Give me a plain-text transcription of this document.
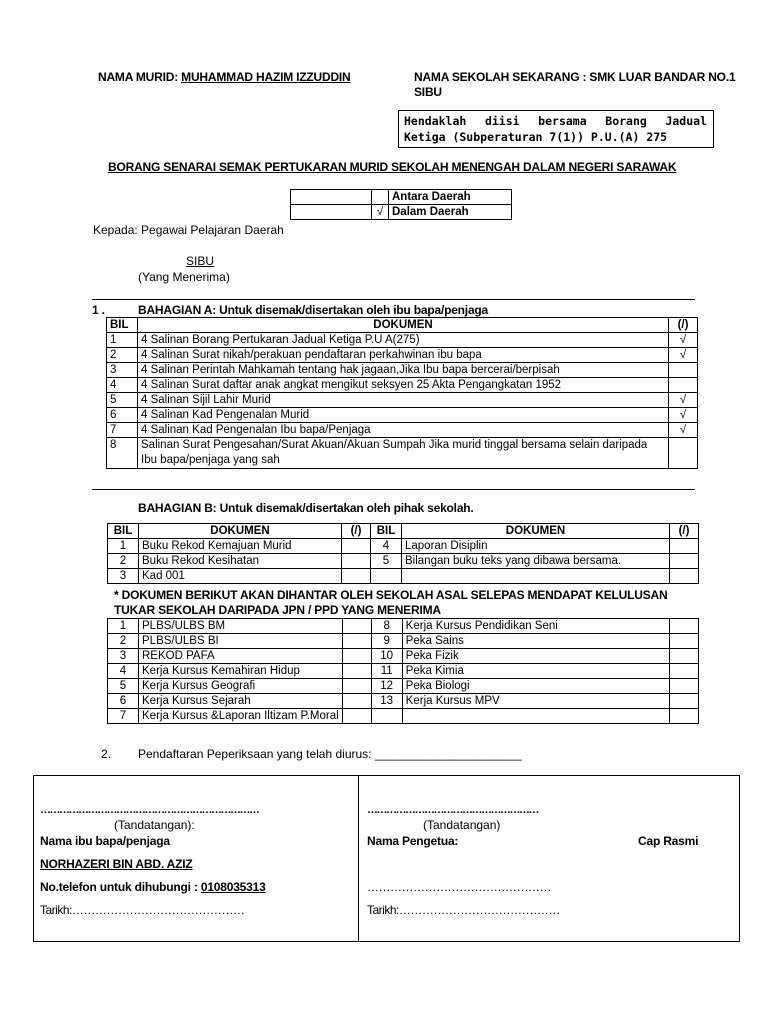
NAMA MURID: MUHAMMAD HAZIM IZZUDDIN	NAMA SEKOLAH SEKARANG : SMK LUAR BANDAR NO.1
SIBU
Hendaklah diisi bersama Borang Jadual
Ketiga (Subperaturan 7(1)) P.U.(A) 275
BORANG SENARAI SEMAK PERTUKARAN MURID SEKOLAH MENENGAH DALAM NEGERI SARAWAK
		Antara Daerah
	√	Dalam Daerah
Kepada: Pegawai Pelajaran Daerah
SIBU
(Yang Menerima)
1 .	BAHAGIAN A: Untuk disemak/disertakan oleh ibu bapa/penjaga
BIL	DOKUMEN	(/)
1	4 Salinan Borang Pertukaran Jadual Ketiga P.U A(275)	√
2	4 Salinan Surat nikah/perakuan pendaftaran perkahwinan ibu bapa	√
3	4 Salinan Perintah Mahkamah tentang hak jagaan,Jika Ibu bapa bercerai/berpisah	
4	4 Salinan Surat daftar anak angkat mengikut seksyen 25 Akta Pengangkatan 1952	
5	4 Salinan Sijil Lahir Murid	√
6	4 Salinan Kad Pengenalan Murid	√
7	4 Salinan Kad Pengenalan Ibu bapa/Penjaga	√
8	Salinan Surat Pengesahan/Surat Akuan/Akuan Sumpah Jika murid tinggal bersama selain daripada
Ibu bapa/penjaga yang sah	

BAHAGIAN B: Untuk disemak/disertakan oleh pihak sekolah.
BIL	DOKUMEN	(/)	BIL	DOKUMEN	(/)
1	Buku Rekod Kemajuan Murid		4	Laporan Disiplin	
2	Buku Rekod Kesihatan		5	Bilangan buku teks yang dibawa bersama.	
3	Kad 001				
* DOKUMEN BERIKUT AKAN DIHANTAR OLEH SEKOLAH ASAL SELEPAS MENDAPAT KELULUSAN
TUKAR SEKOLAH DARIPADA JPN / PPD YANG MENERIMA
1	PLBS/ULBS BM		8	Kerja Kursus Pendidikan Seni	
2	PLBS/ULBS BI		9	Peka Sains	
3	REKOD PAFA		10	Peka Fizik	
4	Kerja Kursus Kemahiran Hidup		11	Peka Kimia	
5	Kerja Kursus Geografi		12	Peka Biologi	
6	Kerja Kursus Sejarah		13	Kerja Kursus MPV	
7	Kerja Kursus &Laporan Iltizam P.Moral				
2. Pendaftaran Peperiksaan yang telah diurus: ______________________
……………………………………………………………
(Tandatangan):
Nama ibu bapa/penjaga
NORHAZERI BIN ABD. AZIZ
No.telefon untuk dihubungi : 0108035313
Tarikh:………………………………………
………………………………………………
(Tandatangan)
Nama Pengetua:	Cap Rasmi
…………………………………………
Tarikh:……………………………………
